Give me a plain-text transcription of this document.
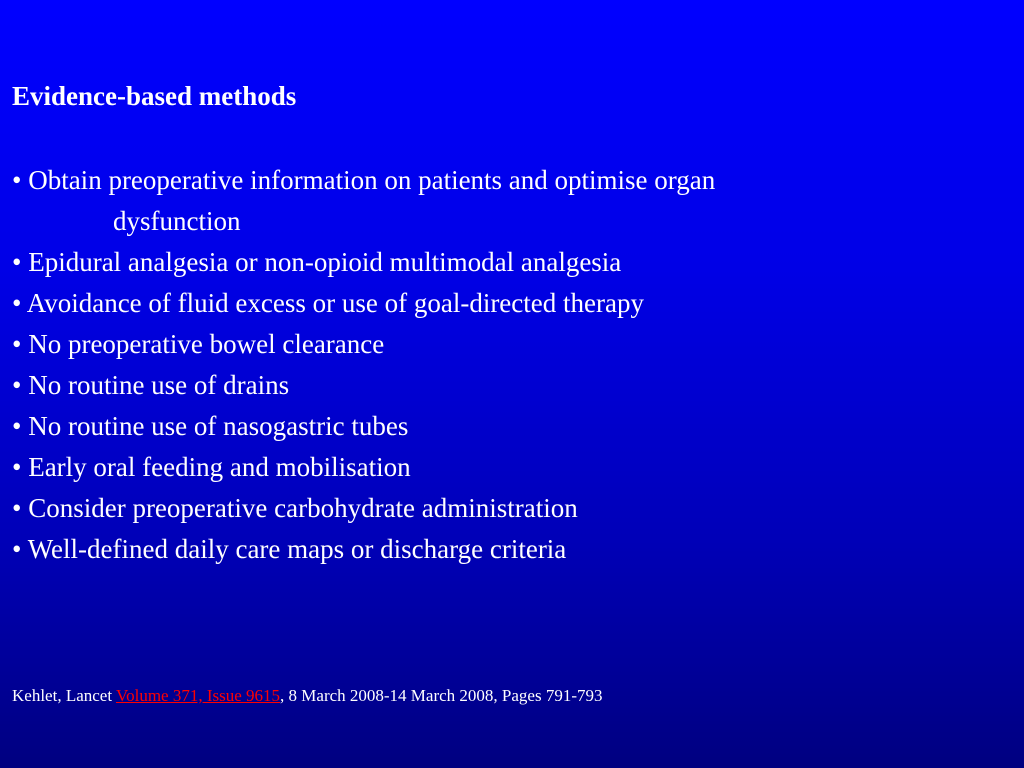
Evidence-based methods
• Obtain preoperative information on patients and optimise organ
dysfunction
• Epidural analgesia or non-opioid multimodal analgesia
• Avoidance of fluid excess or use of goal-directed therapy
• No preoperative bowel clearance
• No routine use of drains
• No routine use of nasogastric tubes
• Early oral feeding and mobilisation
• Consider preoperative carbohydrate administration
• Well-defined daily care maps or discharge criteria
Kehlet, Lancet Volume 371, Issue 9615, 8 March 2008-14 March 2008, Pages 791-793
